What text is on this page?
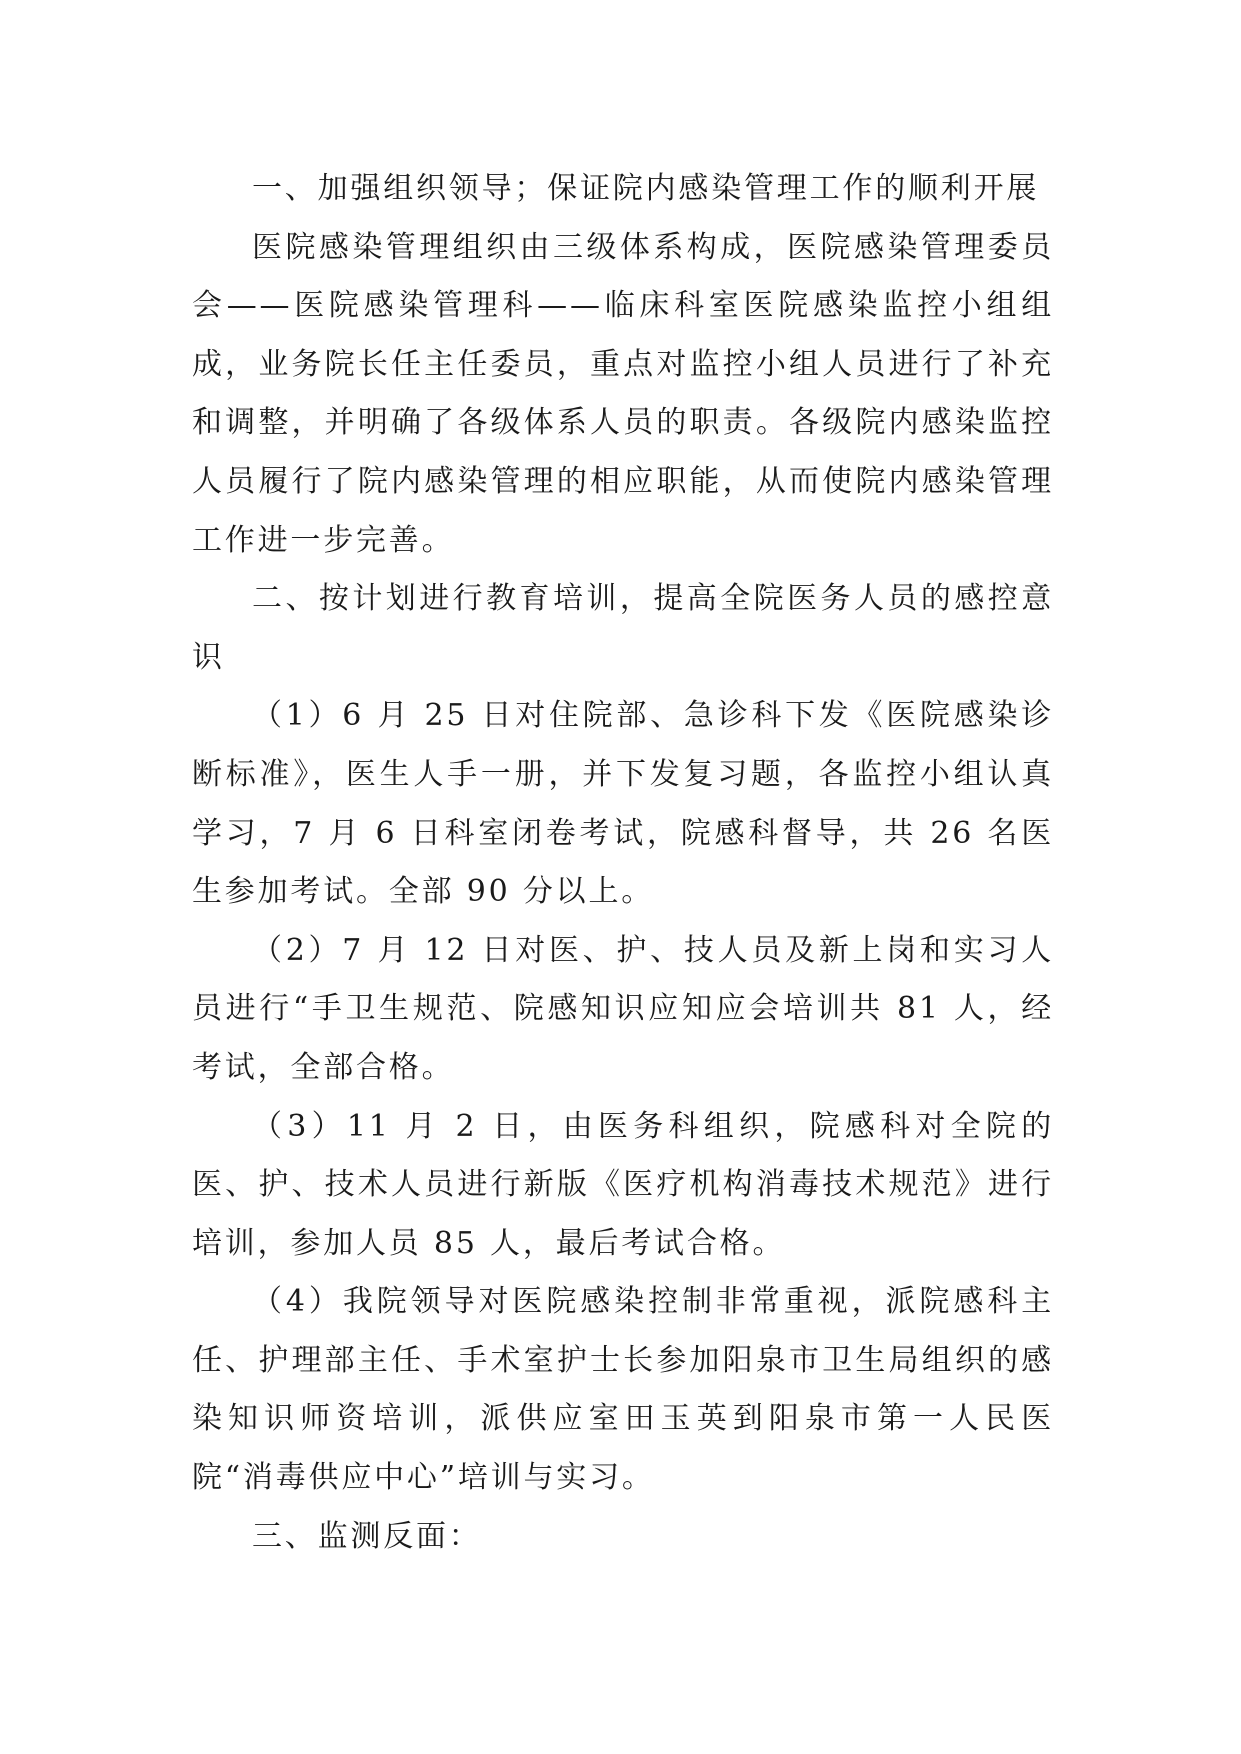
一、加强组织领导；保证院内感染管理工作的顺利开展

医院感染管理组织由三级体系构成，医院感染管理委员会——医院感染管理科——临床科室医院感染监控小组组成，业务院长任主任委员，重点对监控小组人员进行了补充和调整，并明确了各级体系人员的职责。各级院内感染监控人员履行了院内感染管理的相应职能，从而使院内感染管理工作进一步完善。

二、按计划进行教育培训，提高全院医务人员的感控意识

（1）6 月 25 日对住院部、急诊科下发《医院感染诊断标准》，医生人手一册，并下发复习题，各监控小组认真学习，7 月 6 日科室闭卷考试，院感科督导，共 26 名医生参加考试。全部 90 分以上。

（2）7 月 12 日对医、护、技人员及新上岗和实习人员进行“手卫生规范、院感知识应知应会培训共 81 人，经考试，全部合格。

（3）11 月 2 日，由医务科组织，院感科对全院的医、护、技术人员进行新版《医疗机构消毒技术规范》进行培训，参加人员 85 人，最后考试合格。

（4）我院领导对医院感染控制非常重视，派院感科主任、护理部主任、手术室护士长参加阳泉市卫生局组织的感染知识师资培训，派供应室田玉英到阳泉市第一人民医院“消毒供应中心”培训与实习。

三、监测反面：
